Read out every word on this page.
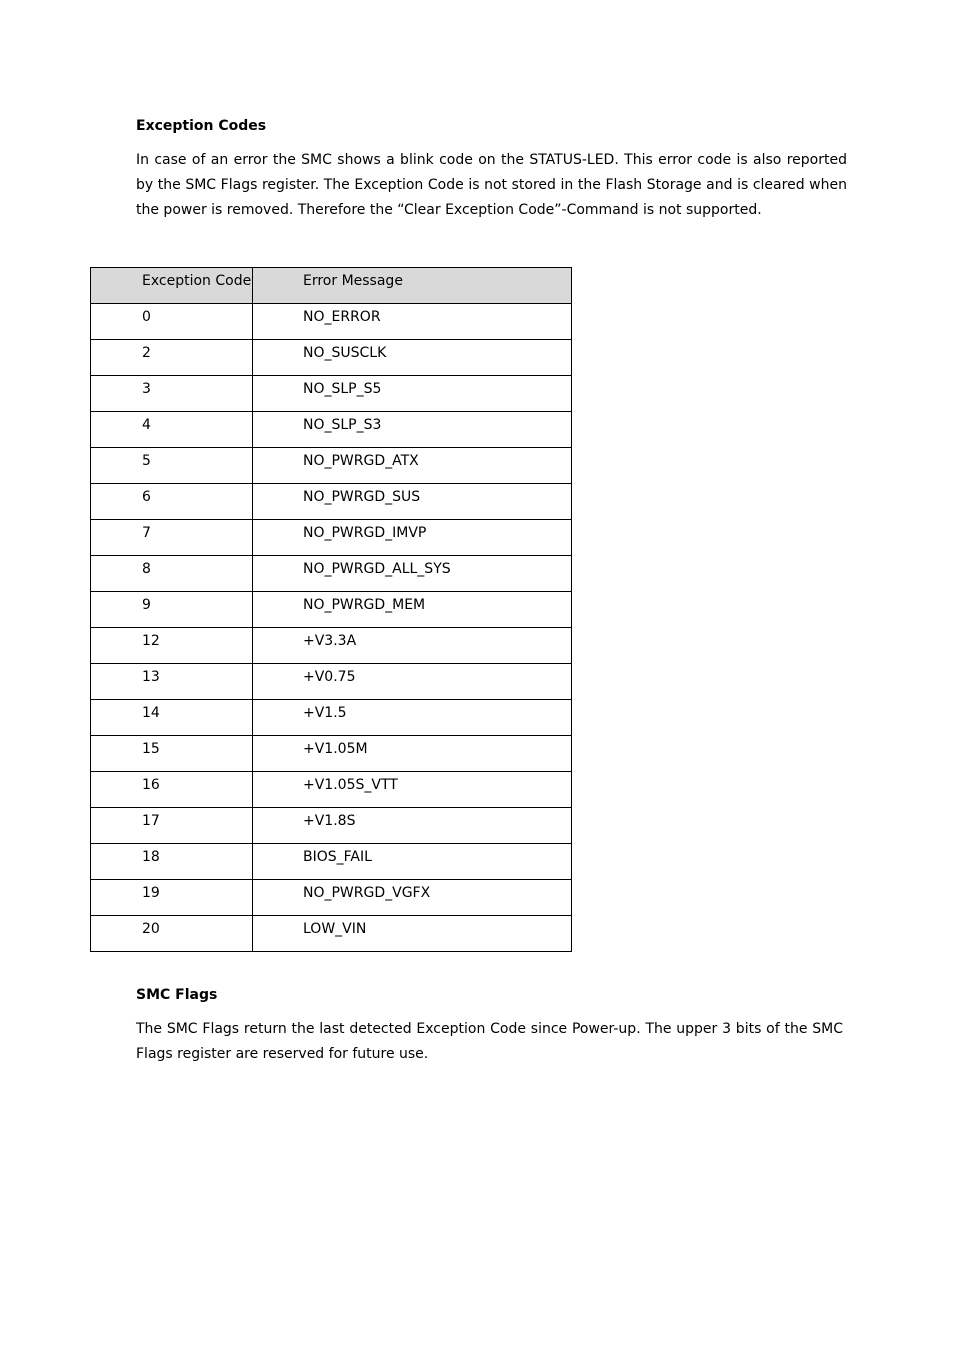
Exception Codes

In case of an error the SMC shows a blink code on the STATUS-LED. This error code is also reported by the SMC Flags register. The Exception Code is not stored in the Flash Storage and is cleared when the power is removed. Therefore the “Clear Exception Code”-Command is not supported.

Exception Code	Error Message

0	NO_ERROR

2	NO_SUSCLK

3	NO_SLP_S5

4	NO_SLP_S3

5	NO_PWRGD_ATX

6	NO_PWRGD_SUS

7	NO_PWRGD_IMVP

8	NO_PWRGD_ALL_SYS

9	NO_PWRGD_MEM

12	+V3.3A

13	+V0.75

14	+V1.5

15	+V1.05M

16	+V1.05S_VTT

17	+V1.8S

18	BIOS_FAIL

19	NO_PWRGD_VGFX

20	LOW_VIN
SMC Flags

The SMC Flags return the last detected Exception Code since Power-up. The upper 3 bits of the SMC Flags register are reserved for future use.
